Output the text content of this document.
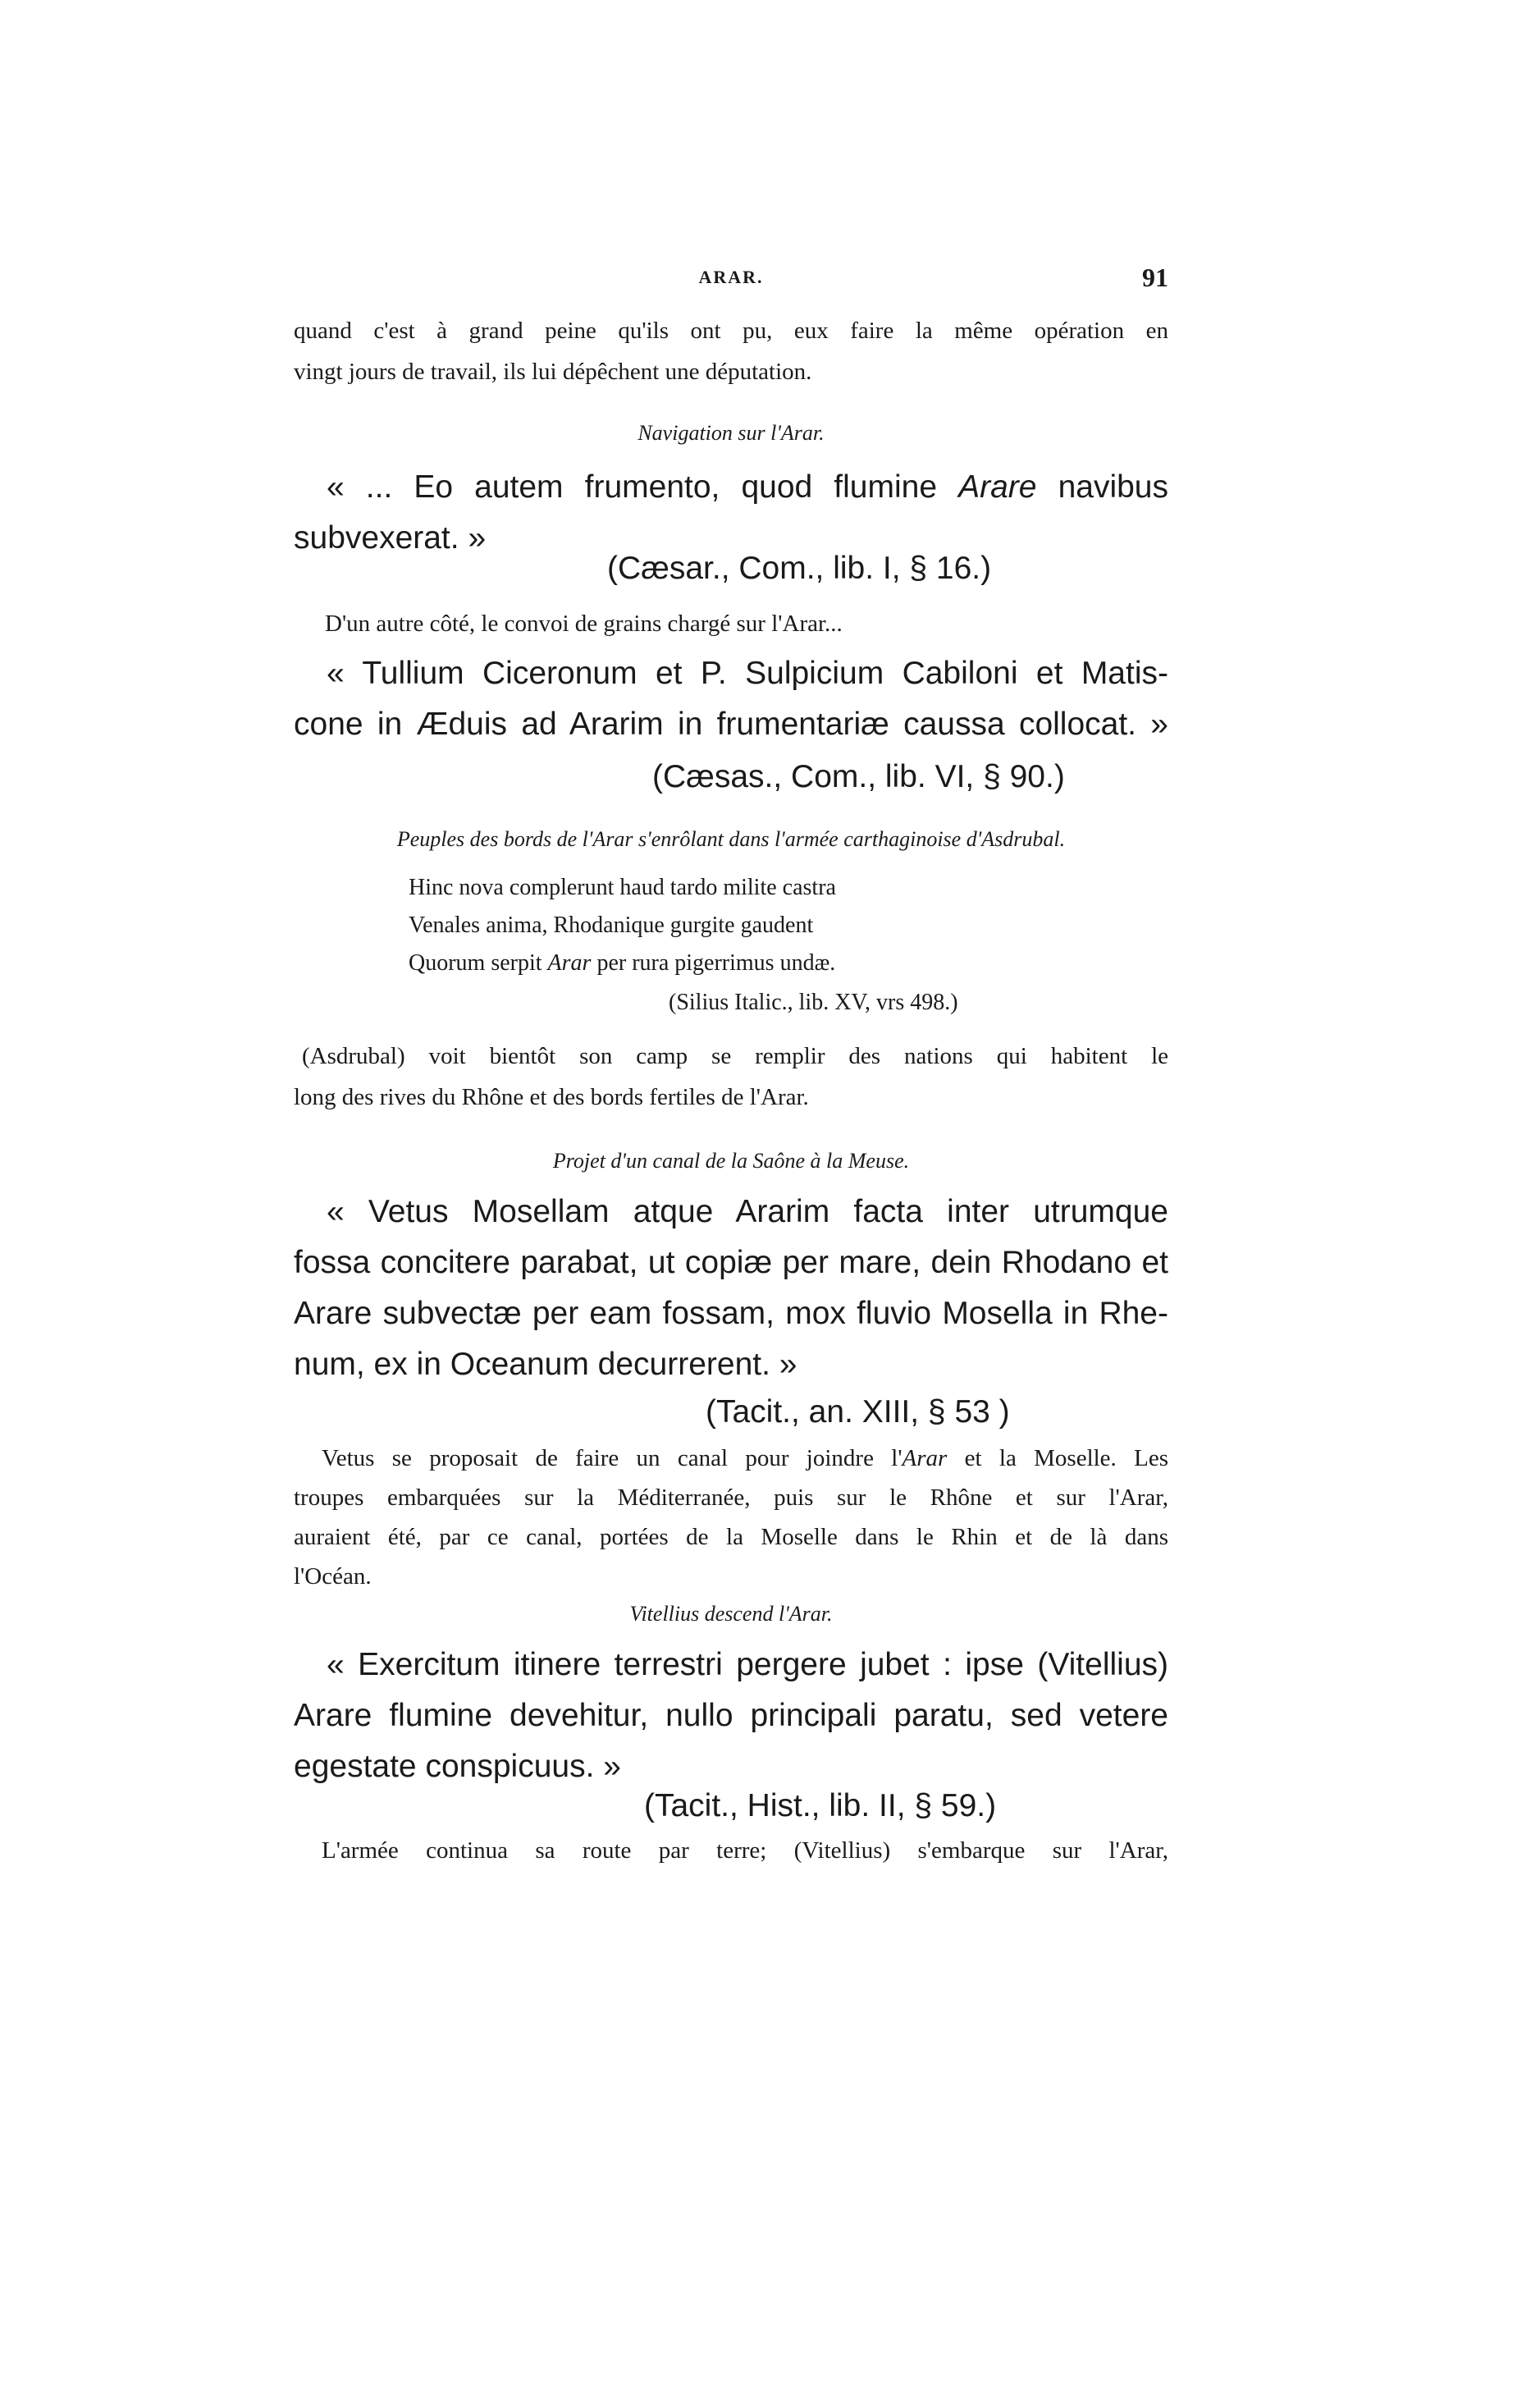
ARAR.	91

quand c'est à grand peine qu'ils ont pu, eux faire la même opération en

vingt jours de travail, ils lui dépêchent une députation.

Navigation sur l'Arar.

« ... Eo autem frumento, quod flumine Arare navibus

subvexerat. »

(Cæsar., Com., lib. I, § 16.)

D'un autre côté, le convoi de grains chargé sur l'Arar...

« Tullium Ciceronum et P. Sulpicium Cabiloni et Matis-

cone in Æduis ad Ararim in frumentariæ caussa collocat. »

(Cæsas., Com., lib. VI, § 90.)

Peuples des bords de l'Arar s'enrôlant dans l'armée carthaginoise d'Asdrubal.

Hinc nova complerunt haud tardo milite castra

Venales anima, Rhodanique gurgite gaudent

Quorum serpit Arar per rura pigerrimus undæ.

(Silius Italic., lib. XV, vrs 498.)

(Asdrubal) voit bientôt son camp se remplir des nations qui habitent le

long des rives du Rhône et des bords fertiles de l'Arar.

Projet d'un canal de la Saône à la Meuse.

« Vetus Mosellam atque Ararim facta inter utrumque

fossa concitere parabat, ut copiæ per mare, dein Rhodano et

Arare subvectæ per eam fossam, mox fluvio Mosella in Rhe-

num, ex in Oceanum decurrerent. »

(Tacit., an. XIII, § 53 )

Vetus se proposait de faire un canal pour joindre l'Arar et la Moselle. Les

troupes embarquées sur la Méditerranée, puis sur le Rhône et sur l'Arar,

auraient été, par ce canal, portées de la Moselle dans le Rhin et de là dans

l'Océan.

Vitellius descend l'Arar.

« Exercitum itinere terrestri pergere jubet : ipse (Vitellius)

Arare flumine devehitur, nullo principali paratu, sed vetere

egestate conspicuus. »

(Tacit., Hist., lib. II, § 59.)

L'armée continua sa route par terre; (Vitellius) s'embarque sur l'Arar,
